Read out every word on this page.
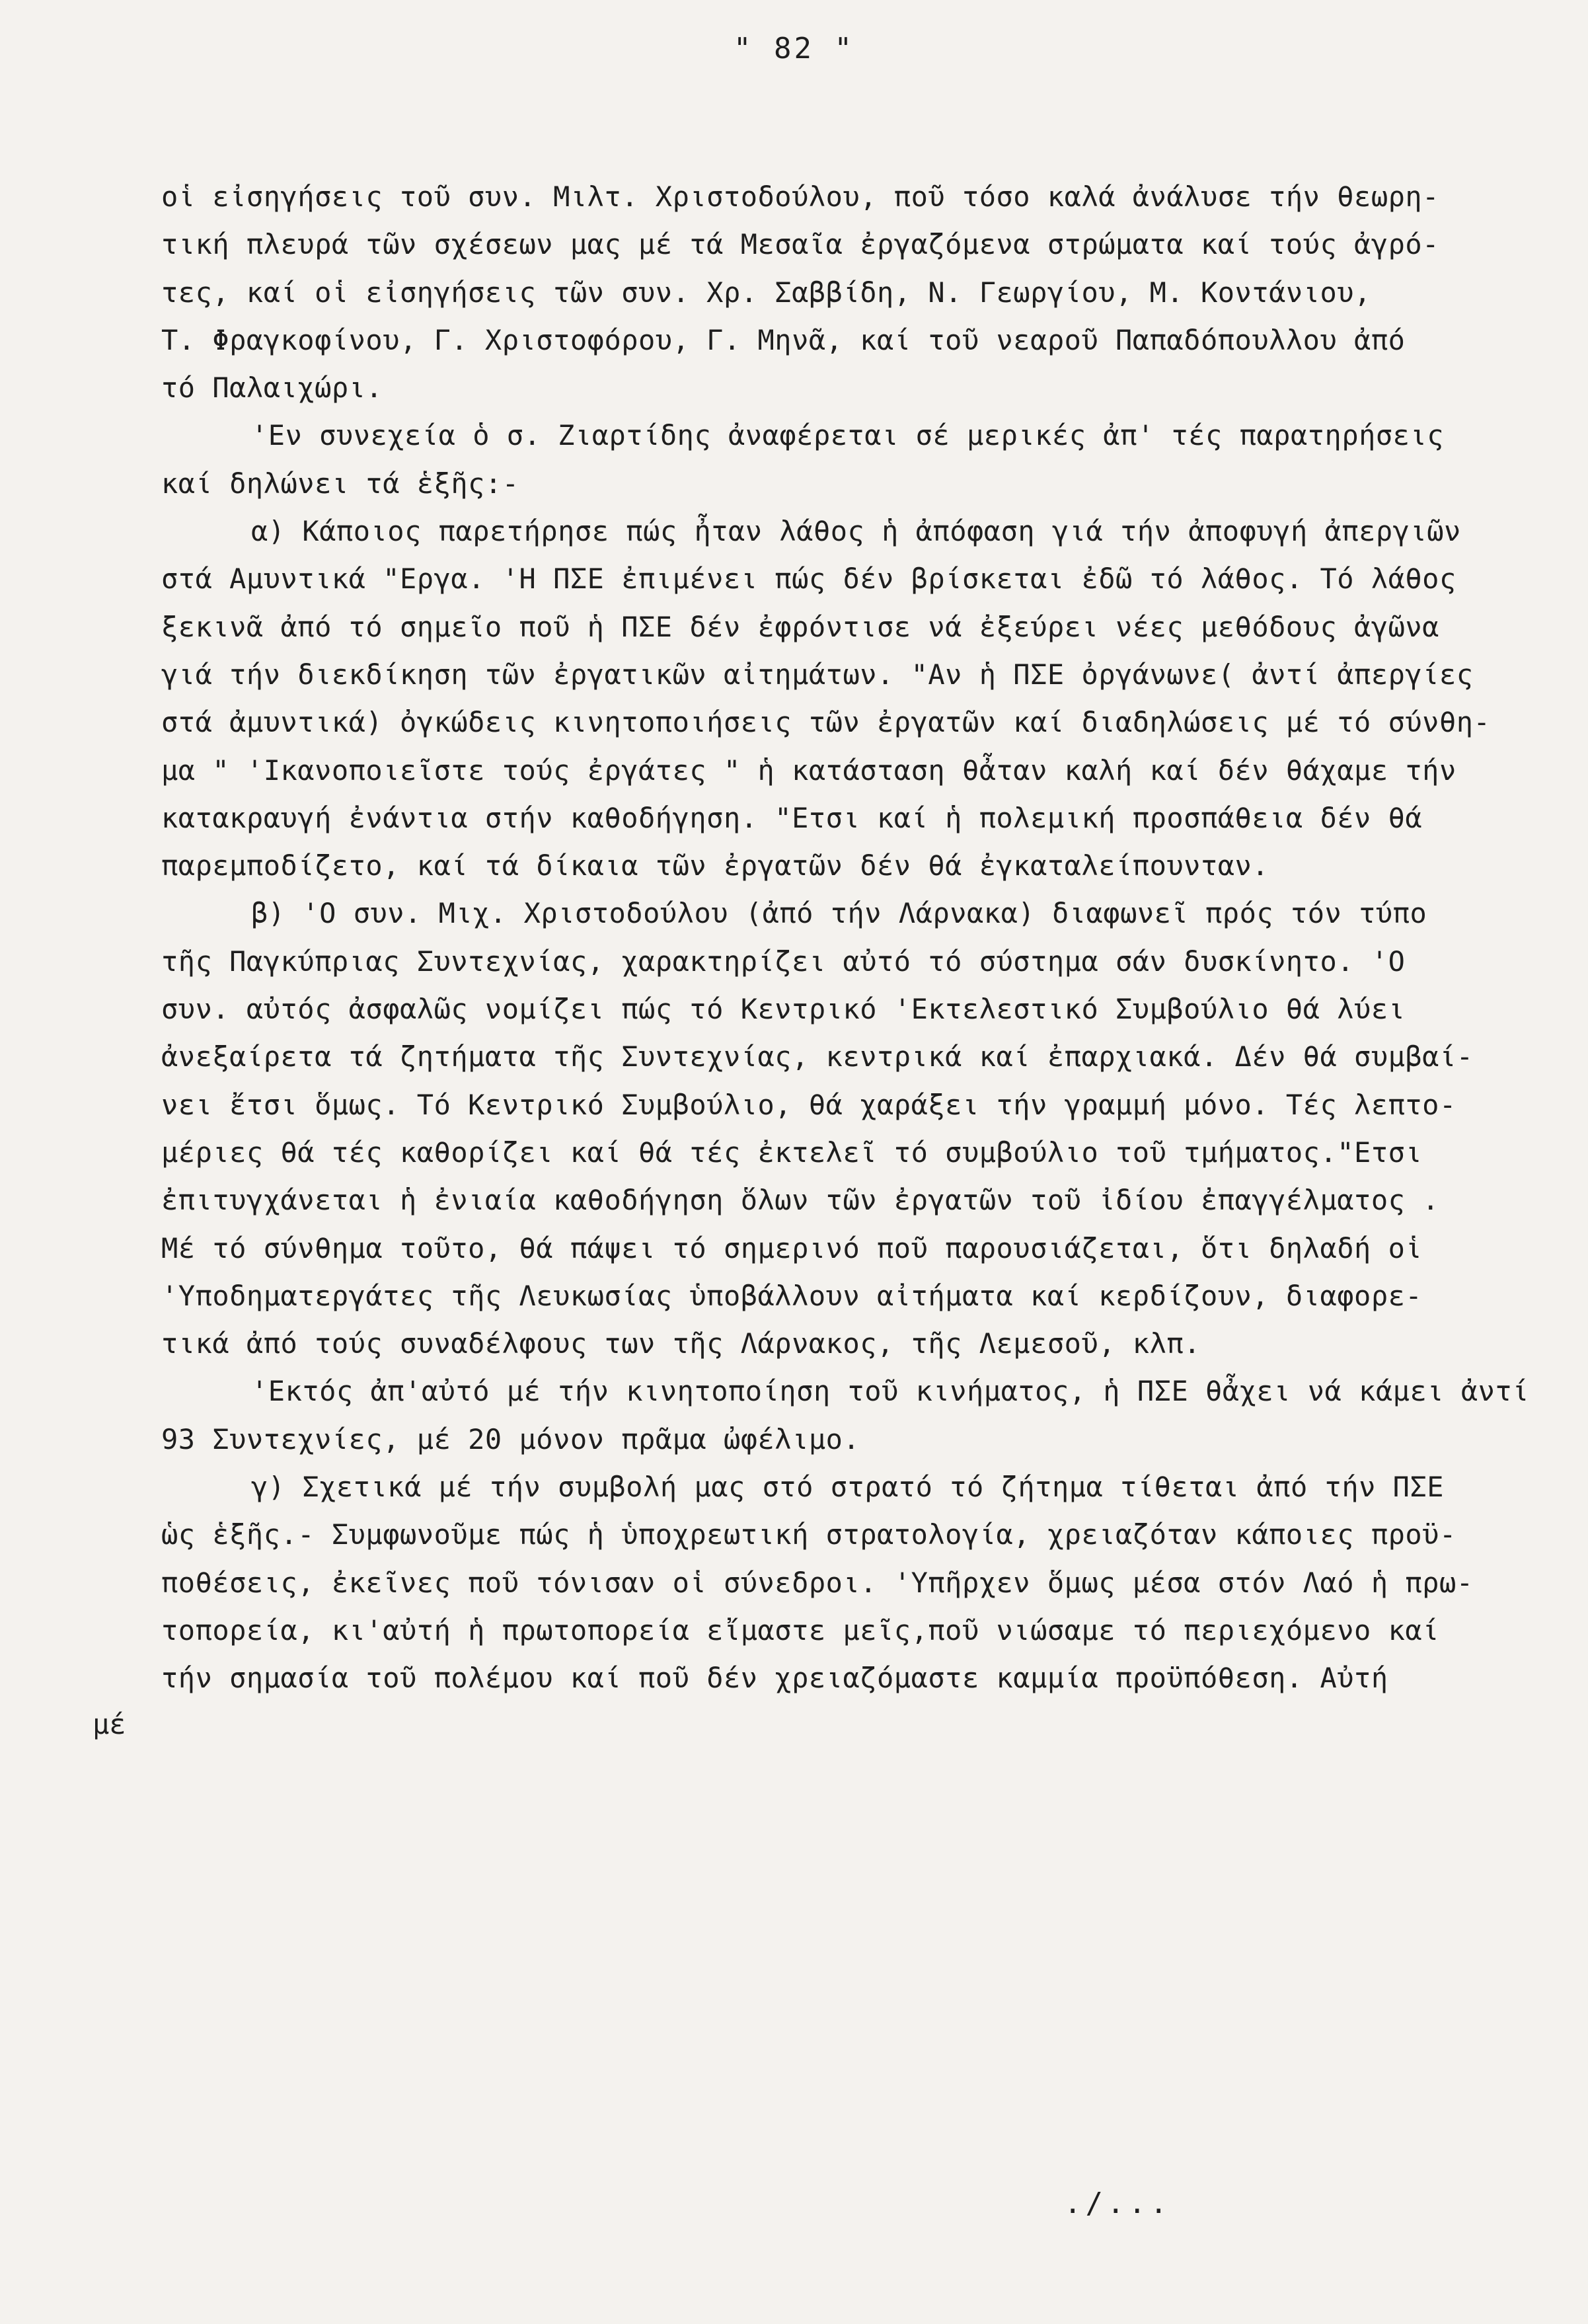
" 82 "
οἱ εἰσηγήσεις τοῦ συν. Μιλτ. Χριστοδούλου, ποῦ τόσο καλά ἀνάλυσε τήν θεωρη-
τική πλευρά τῶν σχέσεων μας μέ τά Μεσαῖα ἐργαζόμενα στρώματα καί τούς ἀγρό-
τες, καί οἱ εἰσηγήσεις τῶν συν. Χρ. Σαββίδη, Ν. Γεωργίου, Μ. Κοντάνιου,
Τ. Φραγκοφίνου, Γ. Χριστοφόρου, Γ. Μηνᾶ, καί τοῦ νεαροῦ Παπαδόπουλλου ἀπό
τό Παλαιχώρι.
'Εν συνεχεία ὁ σ. Ζιαρτίδης ἀναφέρεται σέ μερικές ἀπ' τές παρατηρήσεις
καί δηλώνει τά ἑξῆς:-
α) Κάποιος παρετήρησε πώς ἦταν λάθος ἡ ἀπόφαση γιά τήν ἀποφυγή ἀπεργιῶν
στά Αμυντικά "Εργα. 'Η ΠΣΕ ἐπιμένει πώς δέν βρίσκεται ἐδῶ τό λάθος. Τό λάθος
ξεκινᾶ ἀπό τό σημεῖο ποῦ ἡ ΠΣΕ δέν ἐφρόντισε νά ἐξεύρει νέες μεθόδους ἀγῶνα
γιά τήν διεκδίκηση τῶν ἐργατικῶν αἰτημάτων. "Αν ἡ ΠΣΕ ὀργάνωνε( ἀντί ἀπεργίες
στά ἀμυντικά) ὀγκώδεις κινητοποιήσεις τῶν ἐργατῶν καί διαδηλώσεις μέ τό σύνθη-
μα " 'Ικανοποιεῖστε τούς ἐργάτες " ἡ κατάσταση θἆταν καλή καί δέν θάχαμε τήν
κατακραυγή ἐνάντια στήν καθοδήγηση. "Ετσι καί ἡ πολεμική προσπάθεια δέν θά
παρεμποδίζετο, καί τά δίκαια τῶν ἐργατῶν δέν θά ἐγκαταλείπουνταν.
β) 'Ο συν. Μιχ. Χριστοδούλου (ἀπό τήν Λάρνακα) διαφωνεῖ πρός τόν τύπο
τῆς Παγκύπριας Συντεχνίας, χαρακτηρίζει αὐτό τό σύστημα σάν δυσκίνητο. 'Ο
συν. αὐτός ἀσφαλῶς νομίζει πώς τό Κεντρικό 'Εκτελεστικό Συμβούλιο θά λύει
ἀνεξαίρετα τά ζητήματα τῆς Συντεχνίας, κεντρικά καί ἐπαρχιακά. Δέν θά συμβαί-
νει ἔτσι ὅμως. Τό Κεντρικό Συμβούλιο, θά χαράξει τήν γραμμή μόνο. Τές λεπτο-
μέριες θά τές καθορίζει καί θά τές ἐκτελεῖ τό συμβούλιο τοῦ τμήματος."Ετσι
ἐπιτυγχάνεται ἡ ἐνιαία καθοδήγηση ὅλων τῶν ἐργατῶν τοῦ ἰδίου ἐπαγγέλματος .
Μέ τό σύνθημα τοῦτο, θά πάψει τό σημερινό ποῦ παρουσιάζεται, ὅτι δηλαδή οἱ
'Υποδηματεργάτες τῆς Λευκωσίας ὑποβάλλουν αἰτήματα καί κερδίζουν, διαφορε-
τικά ἀπό τούς συναδέλφους των τῆς Λάρνακος, τῆς Λεμεσοῦ, κλπ.
'Εκτός ἀπ'αὐτό μέ τήν κινητοποίηση τοῦ κινήματος, ἡ ΠΣΕ θἆχει νά κάμει ἀντί
93 Συντεχνίες, μέ 20 μόνον πρᾶμα ὠφέλιμο.
γ) Σχετικά μέ τήν συμβολή μας στό στρατό τό ζήτημα τίθεται ἀπό τήν ΠΣΕ
ὡς ἑξῆς.- Συμφωνοῦμε πώς ἡ ὑποχρεωτική στρατολογία, χρειαζόταν κάποιες προϋ-
ποθέσεις, ἐκεῖνες ποῦ τόνισαν οἱ σύνεδροι. 'Υπῆρχεν ὅμως μέσα στόν Λαό ἡ πρω-
τοπορεία, κι'αὐτή ἡ πρωτοπορεία εἴμαστε μεῖς,ποῦ νιώσαμε τό περιεχόμενο καί
τήν σημασία τοῦ πολέμου καί ποῦ δέν χρειαζόμαστε καμμία προϋπόθεση. Αὐτή
μέ
./...
